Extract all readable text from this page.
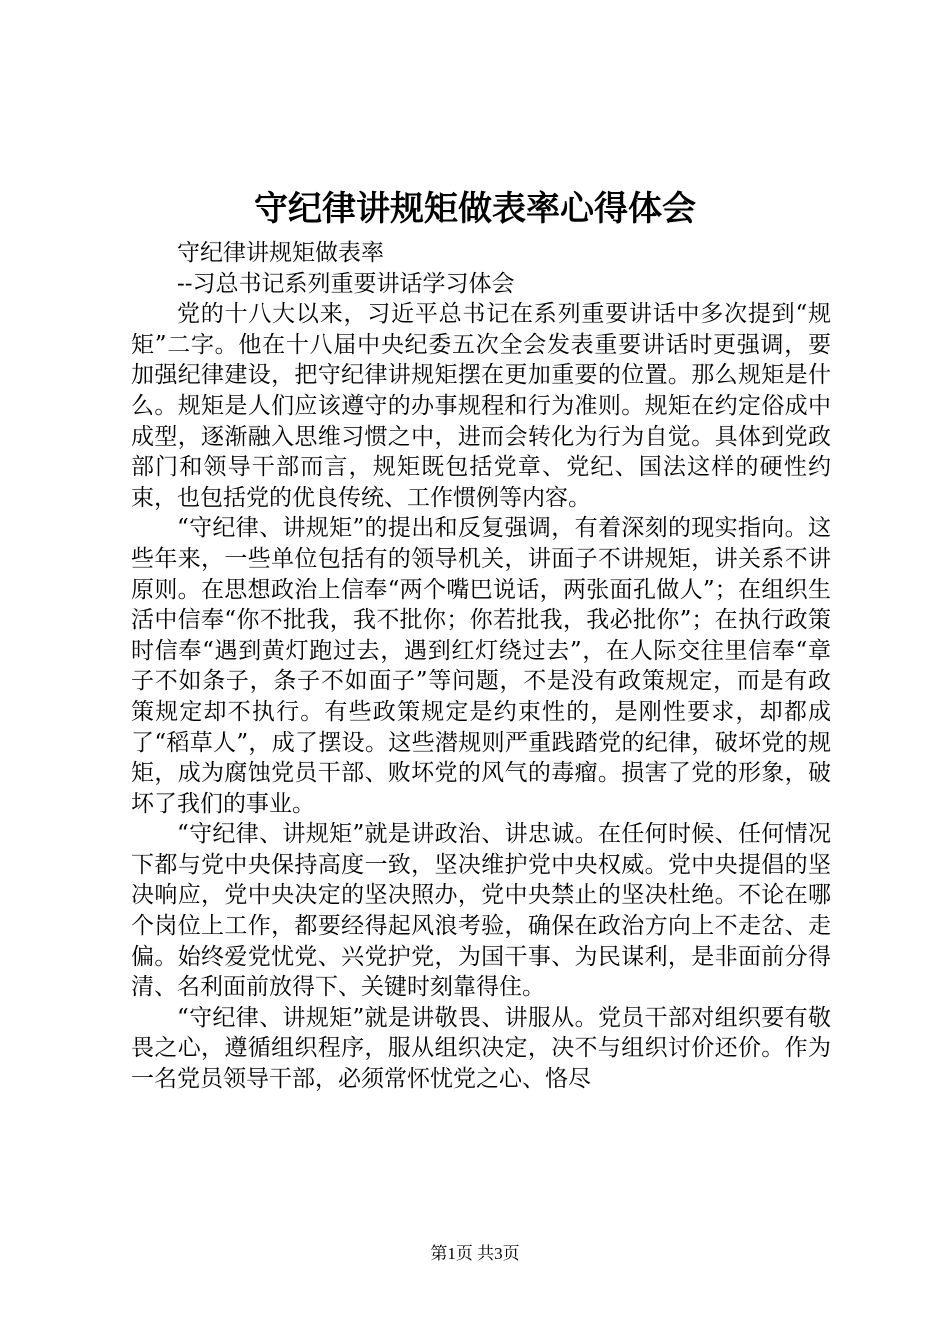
守纪律讲规矩做表率心得体会

守纪律讲规矩做表率

--习总书记系列重要讲话学习体会

党的十八大以来，习近平总书记在系列重要讲话中多次提到“规矩”二字。他在十八届中央纪委五次全会发表重要讲话时更强调，要加强纪律建设，把守纪律讲规矩摆在更加重要的位置。那么规矩是什么。规矩是人们应该遵守的办事规程和行为准则。规矩在约定俗成中成型，逐渐融入思维习惯之中，进而会转化为行为自觉。具体到党政部门和领导干部而言，规矩既包括党章、党纪、国法这样的硬性约束，也包括党的优良传统、工作惯例等内容。

“守纪律、讲规矩”的提出和反复强调，有着深刻的现实指向。这些年来，一些单位包括有的领导机关，讲面子不讲规矩，讲关系不讲原则。在思想政治上信奉“两个嘴巴说话，两张面孔做人”；在组织生活中信奉“你不批我，我不批你；你若批我，我必批你”；在执行政策时信奉“遇到黄灯跑过去，遇到红灯绕过去”，在人际交往里信奉“章子不如条子，条子不如面子”等问题，不是没有政策规定，而是有政策规定却不执行。有些政策规定是约束性的，是刚性要求，却都成了“稻草人”，成了摆设。这些潜规则严重践踏党的纪律，破坏党的规矩，成为腐蚀党员干部、败坏党的风气的毒瘤。损害了党的形象，破坏了我们的事业。

“守纪律、讲规矩”就是讲政治、讲忠诚。在任何时候、任何情况下都与党中央保持高度一致，坚决维护党中央权威。党中央提倡的坚决响应，党中央决定的坚决照办，党中央禁止的坚决杜绝。不论在哪个岗位上工作，都要经得起风浪考验，确保在政治方向上不走岔、走偏。始终爱党忧党、兴党护党，为国干事、为民谋利，是非面前分得清、名利面前放得下、关键时刻靠得住。

“守纪律、讲规矩”就是讲敬畏、讲服从。党员干部对组织要有敬畏之心，遵循组织程序，服从组织决定，决不与组织讨价还价。作为一名党员领导干部，必须常怀忧党之心、恪尽

第1页 共3页
